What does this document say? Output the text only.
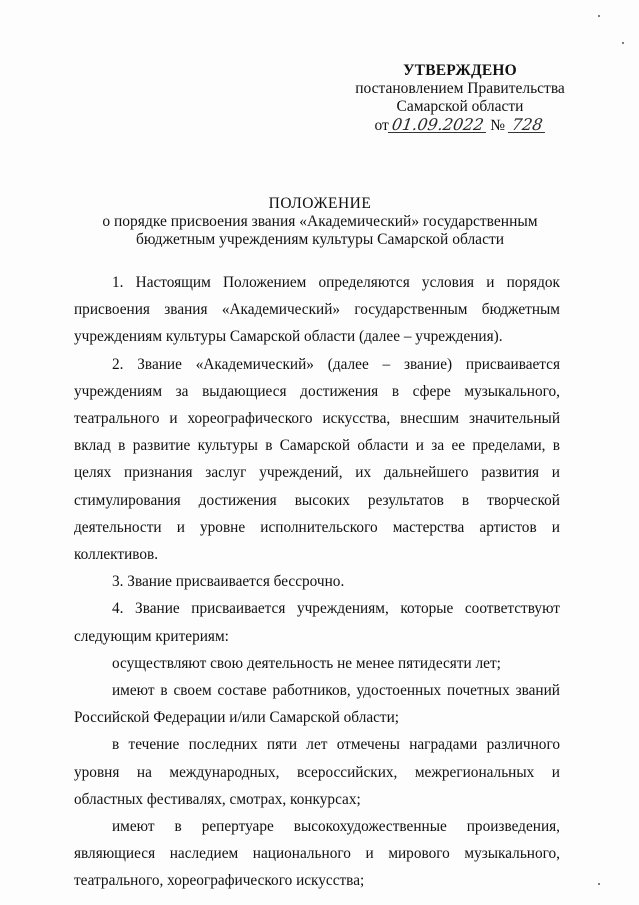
УТВЕРЖДЕНО
постановлением Правительства
Самарской области
от 01.09.2022 № 728
ПОЛОЖЕНИЕ
о порядке присвоения звания «Академический» государственным
бюджетным учреждениям культуры Самарской области

1. Настоящим Положением определяются условия и порядок присвоения звания «Академический» государственным бюджетным учреждениям культуры Самарской области (далее – учреждения).

2. Звание «Академический» (далее – звание) присваивается учреждениям за выдающиеся достижения в сфере музыкального, театрального и хореографического искусства, внесшим значительный вклад в развитие культуры в Самарской области и за ее пределами, в целях признания заслуг учреждений, их дальнейшего развития и стимулирования достижения высоких результатов в творческой деятельности и уровне исполнительского мастерства артистов и коллективов.

3. Звание присваивается бессрочно.

4. Звание присваивается учреждениям, которые соответствуют следующим критериям:

осуществляют свою деятельность не менее пятидесяти лет;

имеют в своем составе работников, удостоенных почетных званий Российской Федерации и/или Самарской области;

в течение последних пяти лет отмечены наградами различного уровня на международных, всероссийских, межрегиональных и областных фестивалях, смотрах, конкурсах;

имеют в репертуаре высокохудожественные произведения, являющиеся наследием национального и мирового музыкального, театрального, хореографического искусства;
